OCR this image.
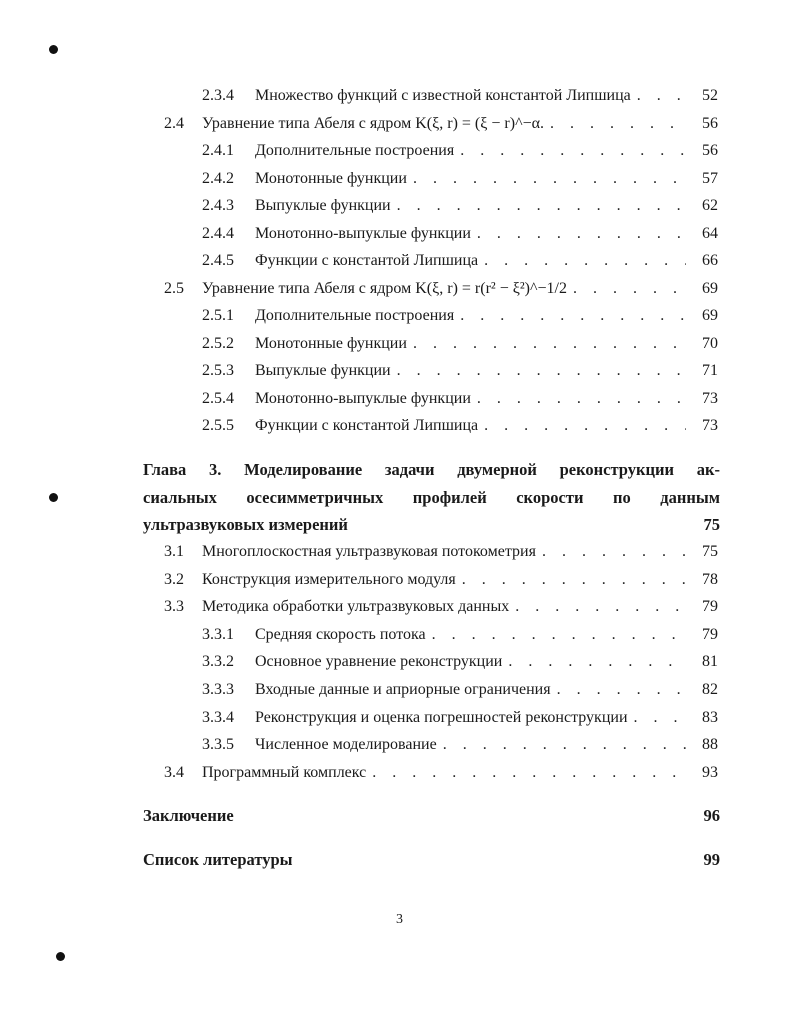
2.3.4	Множество функций с известной константой Липшица . . .	52
2.4	Уравнение типа Абеля с ядром K(ξ, r) = (ξ − r)^−α. . . .	56
2.4.1	Дополнительные построения . . .	56
2.4.2	Монотонные функции . . .	57
2.4.3	Выпуклые функции . . .	62
2.4.4	Монотонно-выпуклые функции . . .	64
2.4.5	Функции с константой Липшица . . .	66
2.5	Уравнение типа Абеля с ядром K(ξ, r) = r(r² − ξ²)^−1/2 . . .	69
2.5.1	Дополнительные построения . . .	69
2.5.2	Монотонные функции . . .	70
2.5.3	Выпуклые функции . . .	71
2.5.4	Монотонно-выпуклые функции . . .	73
2.5.5	Функции с константой Липшица . . .	73
Глава 3. Моделирование задачи двумерной реконструкции ак-
сиальных осесимметричных профилей скорости по данным
ультразвуковых измерений	75
3.1	Многоплоскостная ультразвуковая потокометрия . . .	75
3.2	Конструкция измерительного модуля . . .	78
3.3	Методика обработки ультразвуковых данных . . .	79
3.3.1	Средняя скорость потока . . .	79
3.3.2	Основное уравнение реконструкции . . .	81
3.3.3	Входные данные и априорные ограничения . . .	82
3.3.4	Реконструкция и оценка погрешностей реконструкции . . .	83
3.3.5	Численное моделирование . . .	88
3.4	Программный комплекс . . .	93
Заключение	96
Список литературы	99
3
